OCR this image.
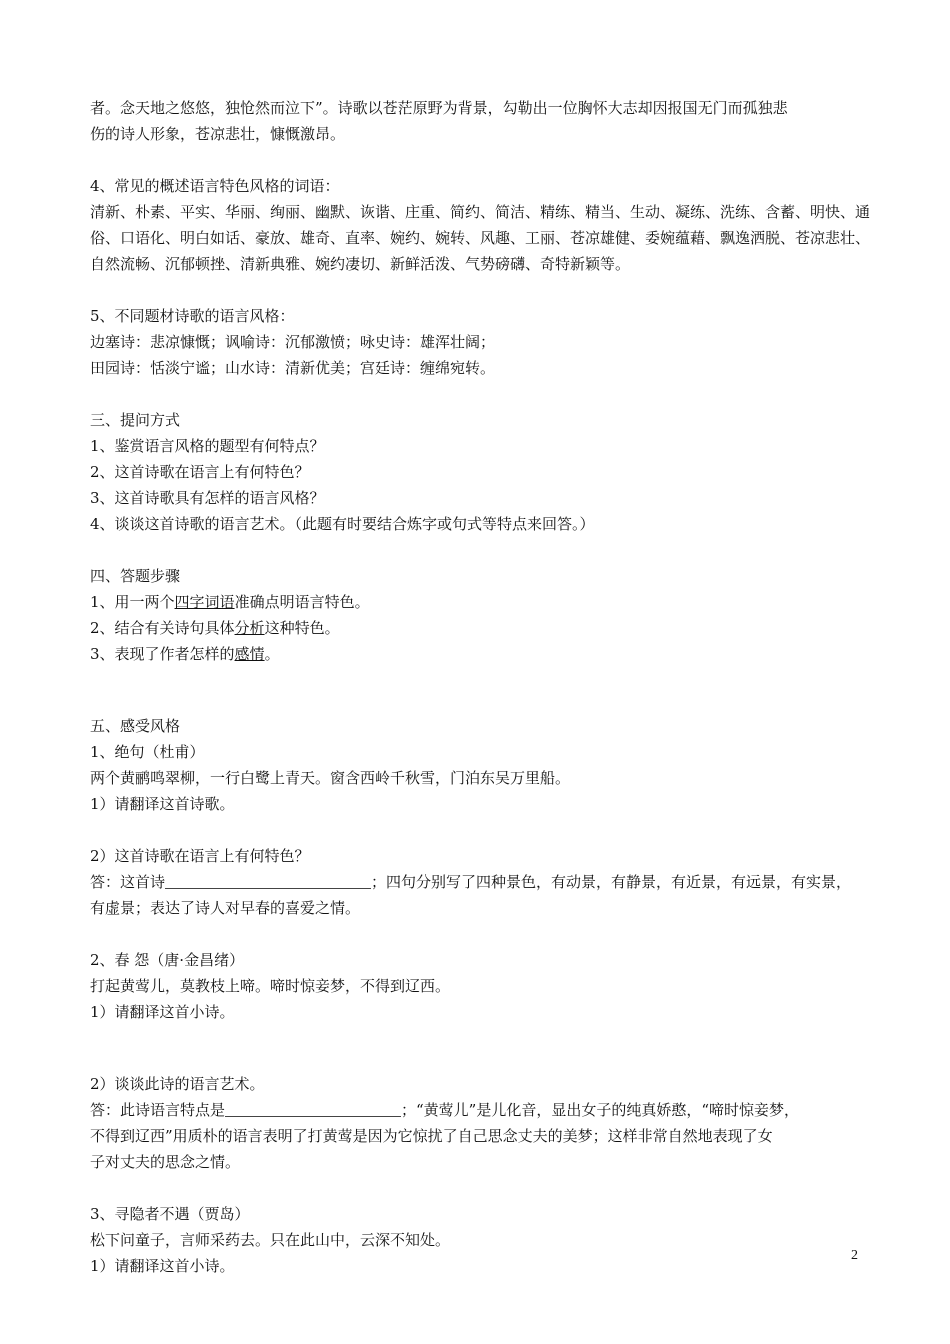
者。念天地之悠悠，独怆然而泣下”。诗歌以苍茫原野为背景，勾勒出一位胸怀大志却因报国无门而孤独悲

伤的诗人形象，苍凉悲壮，慷慨激昂。

4、常见的概述语言特色风格的词语：

清新、朴素、平实、华丽、绚丽、幽默、诙谐、庄重、简约、简洁、精练、精当、生动、凝练、洗练、含蓄、明快、通

俗、口语化、明白如话、豪放、雄奇、直率、婉约、婉转、风趣、工丽、苍凉雄健、委婉蕴藉、飘逸洒脱、苍凉悲壮、

自然流畅、沉郁顿挫、清新典雅、婉约凄切、新鲜活泼、气势磅礴、奇特新颖等。

5、不同题材诗歌的语言风格：

边塞诗：悲凉慷慨；讽喻诗：沉郁激愤；咏史诗：雄浑壮阔；

田园诗：恬淡宁谧；山水诗：清新优美；宫廷诗：缠绵宛转。

三、提问方式

1、鉴赏语言风格的题型有何特点？

2、这首诗歌在语言上有何特色？

3、这首诗歌具有怎样的语言风格？

4、谈谈这首诗歌的语言艺术。（此题有时要结合炼字或句式等特点来回答。）

四、答题步骤

1、用一两个四字词语准确点明语言特色。

2、结合有关诗句具体分析这种特色。

3、表现了作者怎样的感情。

五、感受风格

1、绝句（杜甫）

两个黄鹂鸣翠柳，一行白鹭上青天。窗含西岭千秋雪，门泊东吴万里船。

1）请翻译这首诗歌。

2）这首诗歌在语言上有何特色？

答：这首诗	；四句分别写了四种景色，有动景，有静景，有近景，有远景，有实景，

有虚景；表达了诗人对早春的喜爱之情。

2、春 怨（唐·金昌绪）

打起黄莺儿，莫教枝上啼。啼时惊妾梦，不得到辽西。

1）请翻译这首小诗。

2）谈谈此诗的语言艺术。

答：此诗语言特点是	；“黄莺儿”是儿化音，显出女子的纯真娇憨，“啼时惊妾梦，

不得到辽西”用质朴的语言表明了打黄莺是因为它惊扰了自己思念丈夫的美梦；这样非常自然地表现了女

子对丈夫的思念之情。

3、寻隐者不遇（贾岛）

松下问童子，言师采药去。只在此山中，云深不知处。

1）请翻译这首小诗。

2
